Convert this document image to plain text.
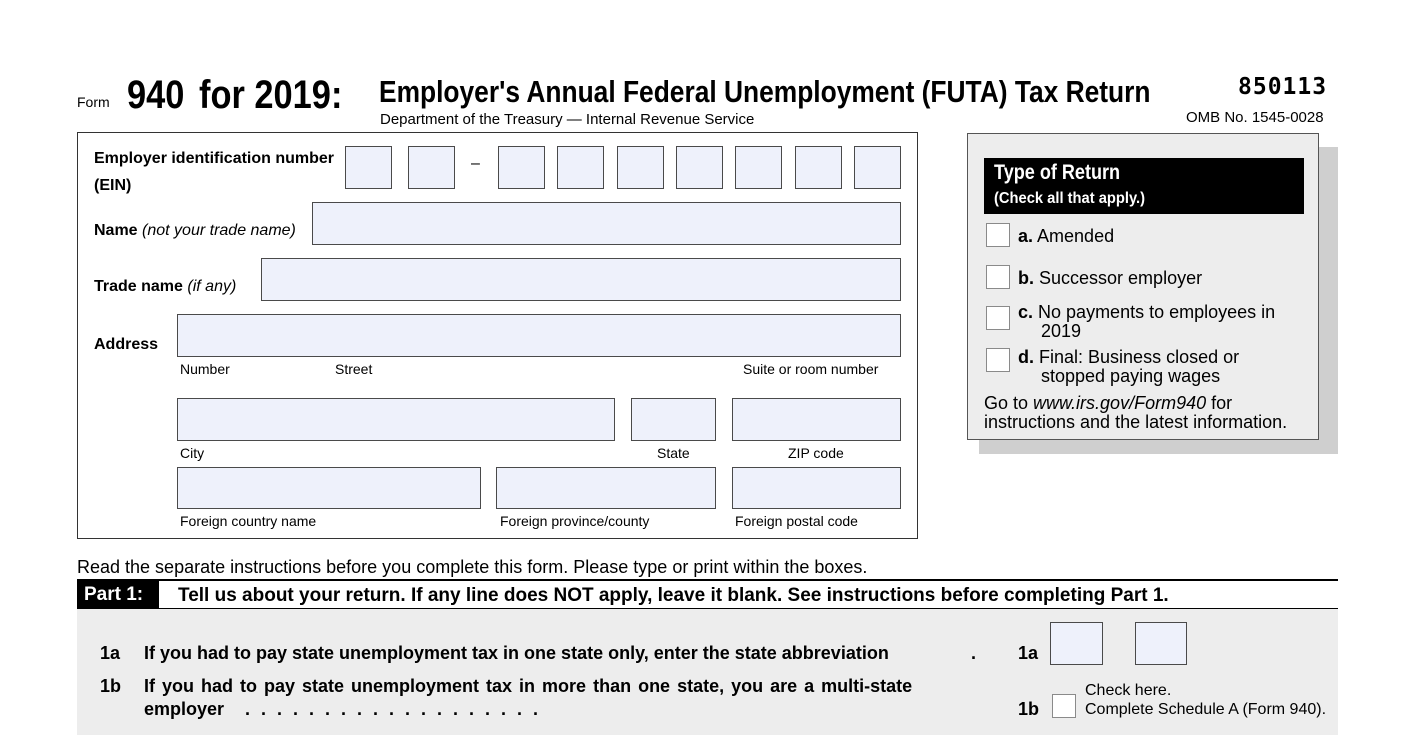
Form 940 for 2019:	Employer's Annual Federal Unemployment (FUTA) Tax Return
Department of the Treasury — Internal Revenue Service
850113
OMB No. 1545-0028
Employer identification number
(EIN)
–
Name (not your trade name)
Trade name (if any)
Address
Number	Street	Suite or room number
City	State	ZIP code
Foreign country name	Foreign province/county	Foreign postal code
Type of Return
(Check all that apply.)
a. Amended
b. Successor employer
c. No payments to employees in
2019
d. Final: Business closed or
stopped paying wages
Go to www.irs.gov/Form940 for
instructions and the latest information.
Read the separate instructions before you complete this form. Please type or print within the boxes.
Part 1:	Tell us about your return. If any line does NOT apply, leave it blank. See instructions before completing Part 1.
1a If you had to pay state unemployment tax in one state only, enter the state abbreviation	. 1a
1b If you had to pay state unemployment tax in more than one state, you are a multi-state
employer . . . . . . . . . . . . . . . . . . .	1b
Check here.
Complete Schedule A (Form 940).
